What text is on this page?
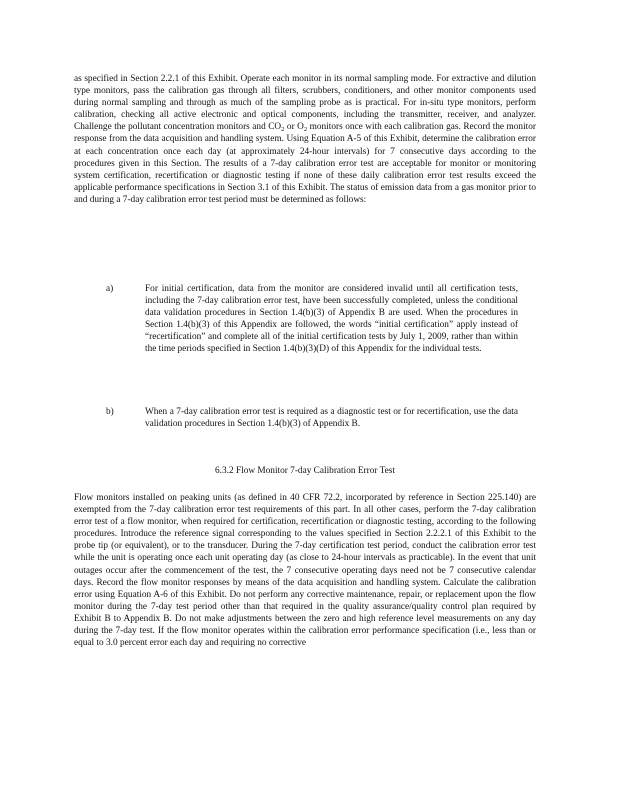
as specified in Section 2.2.1 of this Exhibit. Operate each monitor in its normal sampling mode. For extractive and dilution type monitors, pass the calibration gas through all filters, scrubbers, conditioners, and other monitor components used during normal sampling and through as much of the sampling probe as is practical. For in-situ type monitors, perform calibration, checking all active electronic and optical components, including the transmitter, receiver, and analyzer. Challenge the pollutant concentration monitors and $CO_2$ or $O_2$ monitors once with each calibration gas. Record the monitor response from the data acquisition and handling system. Using Equation A-5 of this Exhibit, determine the calibration error at each concentration once each day (at approximately 24-hour intervals) for 7 consecutive days according to the procedures given in this Section. The results of a 7-day calibration error test are acceptable for monitor or monitoring system certification, recertification or diagnostic testing if none of these daily calibration error test results exceed the applicable performance specifications in Section 3.1 of this Exhibit. The status of emission data from a gas monitor prior to and during a 7-day calibration error test period must be determined as follows:
a)	For initial certification, data from the monitor are considered invalid until all certification tests, including the 7-day calibration error test, have been successfully completed, unless the conditional data validation procedures in Section 1.4(b)(3) of Appendix B are used. When the procedures in Section 1.4(b)(3) of this Appendix are followed, the words “initial certification” apply instead of “recertification” and complete all of the initial certification tests by July 1, 2009, rather than within the time periods specified in Section 1.4(b)(3)(D) of this Appendix for the individual tests.
b)	When a 7-day calibration error test is required as a diagnostic test or for recertification, use the data validation procedures in Section 1.4(b)(3) of Appendix B.
6.3.2 Flow Monitor 7-day Calibration Error Test
Flow monitors installed on peaking units (as defined in 40 CFR 72.2, incorporated by reference in Section 225.140) are exempted from the 7-day calibration error test requirements of this part. In all other cases, perform the 7-day calibration error test of a flow monitor, when required for certification, recertification or diagnostic testing, according to the following procedures. Introduce the reference signal corresponding to the values specified in Section 2.2.2.1 of this Exhibit to the probe tip (or equivalent), or to the transducer. During the 7-day certification test period, conduct the calibration error test while the unit is operating once each unit operating day (as close to 24-hour intervals as practicable). In the event that unit outages occur after the commencement of the test, the 7 consecutive operating days need not be 7 consecutive calendar days. Record the flow monitor responses by means of the data acquisition and handling system. Calculate the calibration error using Equation A-6 of this Exhibit. Do not perform any corrective maintenance, repair, or replacement upon the flow monitor during the 7-day test period other than that required in the quality assurance/quality control plan required by Exhibit B to Appendix B. Do not make adjustments between the zero and high reference level measurements on any day during the 7-day test. If the flow monitor operates within the calibration error performance specification (i.e., less than or equal to 3.0 percent error each day and requiring no corrective
